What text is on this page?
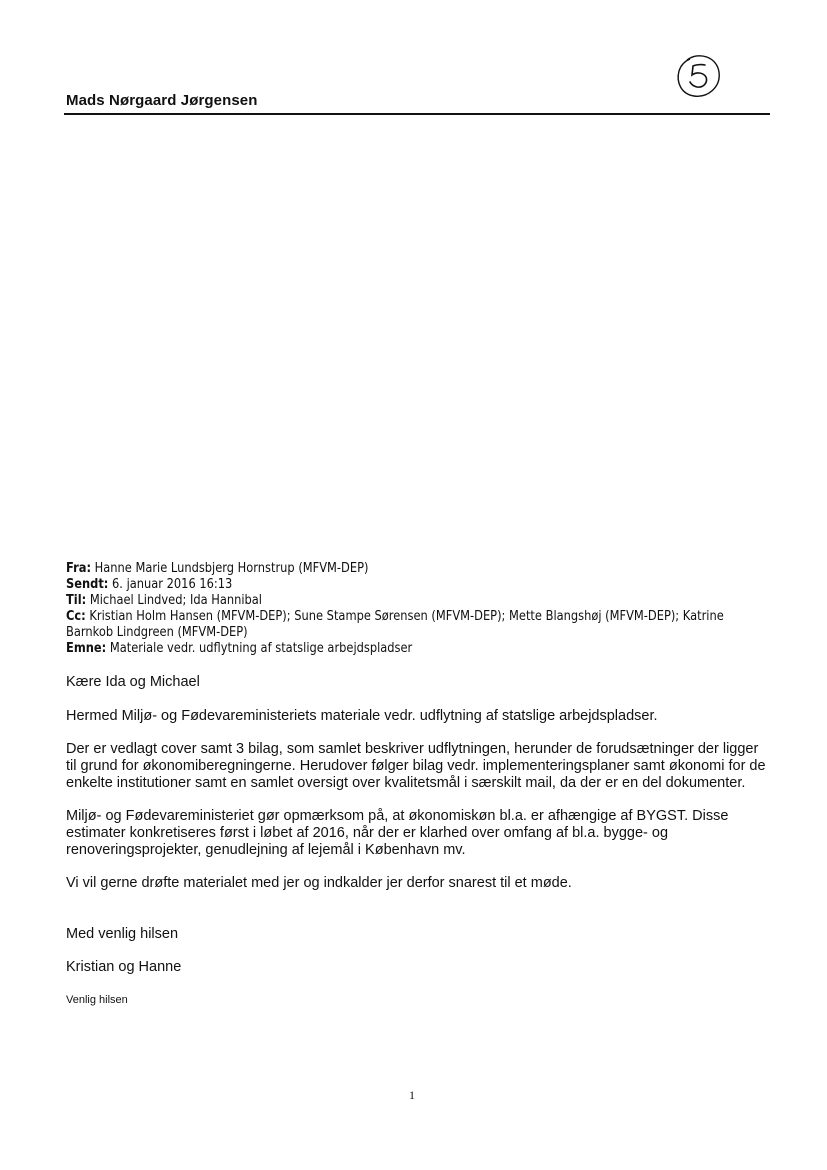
Mads Nørgaard Jørgensen
Fra: Hanne Marie Lundsbjerg Hornstrup (MFVM-DEP)
Sendt: 6. januar 2016 16:13
Til: Michael Lindved; Ida Hannibal
Cc: Kristian Holm Hansen (MFVM-DEP); Sune Stampe Sørensen (MFVM-DEP); Mette Blangshøj (MFVM-DEP); Katrine
Barnkob Lindgreen (MFVM-DEP)
Emne: Materiale vedr. udflytning af statslige arbejdspladser

Kære Ida og Michael

Hermed Miljø- og Fødevareministeriets materiale vedr. udflytning af statslige arbejdspladser.

Der er vedlagt cover samt 3 bilag, som samlet beskriver udflytningen, herunder de forudsætninger der ligger til grund for økonomiberegningerne. Herudover følger bilag vedr. implementeringsplaner samt økonomi for de enkelte institutioner samt en samlet oversigt over kvalitetsmål i særskilt mail, da der er en del dokumenter.

Miljø- og Fødevareministeriet gør opmærksom på, at økonomiskøn bl.a. er afhængige af BYGST. Disse estimater konkretiseres først i løbet af 2016, når der er klarhed over omfang af bl.a. bygge- og renoveringsprojekter, genudlejning af lejemål i København mv.

Vi vil gerne drøfte materialet med jer og indkalder jer derfor snarest til et møde.

Med venlig hilsen

Kristian og Hanne

Venlig hilsen

1
